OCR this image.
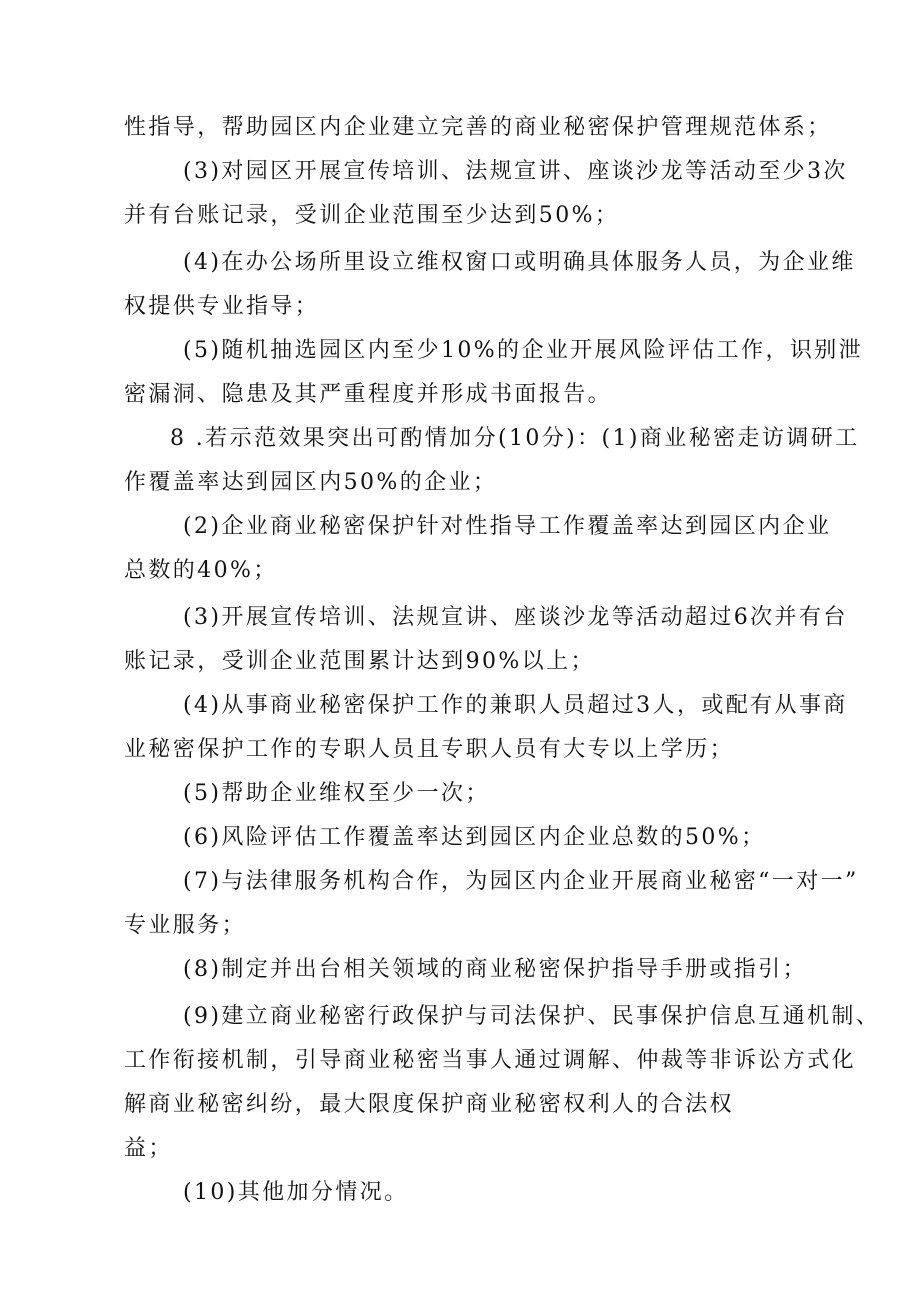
性指导，帮助园区内企业建立完善的商业秘密保护管理规范体系；
(3)对园区开展宣传培训、法规宣讲、座谈沙龙等活动至少3次
并有台账记录，受训企业范围至少达到50%；
(4)在办公场所里设立维权窗口或明确具体服务人员，为企业维
权提供专业指导；
(5)随机抽选园区内至少10%的企业开展风险评估工作，识别泄
密漏洞、隐患及其严重程度并形成书面报告。
8 .若示范效果突出可酌情加分(10分)：(1)商业秘密走访调研工
作覆盖率达到园区内50%的企业；
(2)企业商业秘密保护针对性指导工作覆盖率达到园区内企业
总数的40%；
(3)开展宣传培训、法规宣讲、座谈沙龙等活动超过6次并有台
账记录，受训企业范围累计达到90%以上；
(4)从事商业秘密保护工作的兼职人员超过3人，或配有从事商
业秘密保护工作的专职人员且专职人员有大专以上学历；
(5)帮助企业维权至少一次；
(6)风险评估工作覆盖率达到园区内企业总数的50%；
(7)与法律服务机构合作，为园区内企业开展商业秘密“一对一”
专业服务；
(8)制定并出台相关领域的商业秘密保护指导手册或指引；
(9)建立商业秘密行政保护与司法保护、民事保护信息互通机制、
工作衔接机制，引导商业秘密当事人通过调解、仲裁等非诉讼方式化
解商业秘密纠纷，最大限度保护商业秘密权利人的合法权
益；
(10)其他加分情况。
